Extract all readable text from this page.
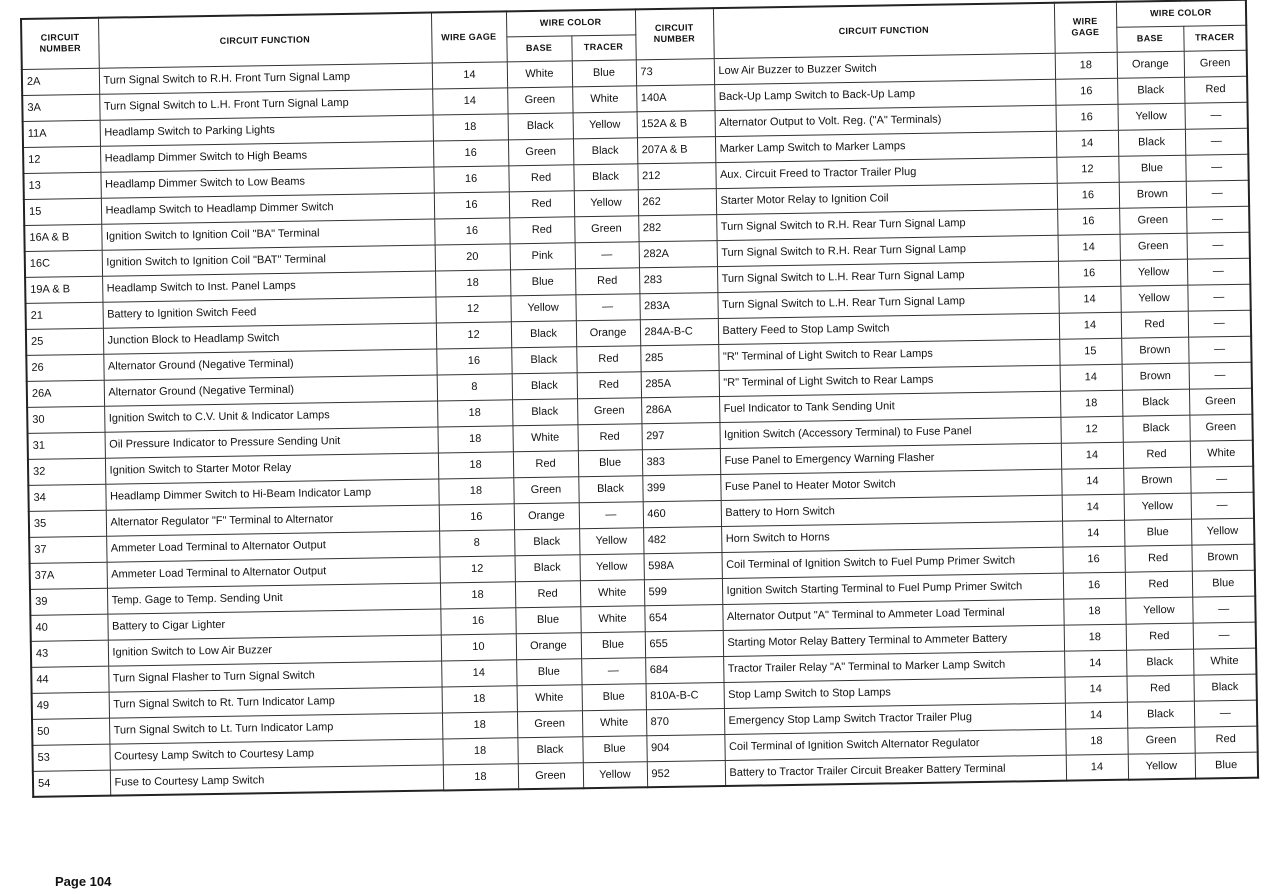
CIRCUIT NUMBER	CIRCUIT FUNCTION	WIRE GAGE	WIRE COLOR		CIRCUIT NUMBER	CIRCUIT FUNCTION	WIRE GAGE	WIRE COLOR	
			BASE	TRACER				BASE	TRACER
2A	Turn Signal Switch to R.H. Front Turn Signal Lamp	14	White	Blue	73	Low Air Buzzer to Buzzer Switch	18	Orange	Green
3A	Turn Signal Switch to L.H. Front Turn Signal Lamp	14	Green	White	140A	Back-Up Lamp Switch to Back-Up Lamp	16	Black	Red
11A	Headlamp Switch to Parking Lights	18	Black	Yellow	152A & B	Alternator Output to Volt. Reg. ("A" Terminals)	16	Yellow	—
12	Headlamp Dimmer Switch to High Beams	16	Green	Black	207A & B	Marker Lamp Switch to Marker Lamps	14	Black	—
13	Headlamp Dimmer Switch to Low Beams	16	Red	Black	212	Aux. Circuit Freed to Tractor Trailer Plug	12	Blue	—
15	Headlamp Switch to Headlamp Dimmer Switch	16	Red	Yellow	262	Starter Motor Relay to Ignition Coil	16	Brown	—
16A & B	Ignition Switch to Ignition Coil "BA" Terminal	16	Red	Green	282	Turn Signal Switch to R.H. Rear Turn Signal Lamp	16	Green	—
16C	Ignition Switch to Ignition Coil "BAT" Terminal	20	Pink	—	282A	Turn Signal Switch to R.H. Rear Turn Signal Lamp	14	Green	—
19A & B	Headlamp Switch to Inst. Panel Lamps	18	Blue	Red	283	Turn Signal Switch to L.H. Rear Turn Signal Lamp	16	Yellow	—
21	Battery to Ignition Switch Feed	12	Yellow	—	283A	Turn Signal Switch to L.H. Rear Turn Signal Lamp	14	Yellow	—
25	Junction Block to Headlamp Switch	12	Black	Orange	284A-B-C	Battery Feed to Stop Lamp Switch	14	Red	—
26	Alternator Ground (Negative Terminal)	16	Black	Red	285	"R" Terminal of Light Switch to Rear Lamps	15	Brown	—
26A	Alternator Ground (Negative Terminal)	8	Black	Red	285A	"R" Terminal of Light Switch to Rear Lamps	14	Brown	—
30	Ignition Switch to C.V. Unit & Indicator Lamps	18	Black	Green	286A	Fuel Indicator to Tank Sending Unit	18	Black	Green
31	Oil Pressure Indicator to Pressure Sending Unit	18	White	Red	297	Ignition Switch (Accessory Terminal) to Fuse Panel	12	Black	Green
32	Ignition Switch to Starter Motor Relay	18	Red	Blue	383	Fuse Panel to Emergency Warning Flasher	14	Red	White
34	Headlamp Dimmer Switch to Hi-Beam Indicator Lamp	18	Green	Black	399	Fuse Panel to Heater Motor Switch	14	Brown	—
35	Alternator Regulator "F" Terminal to Alternator	16	Orange	—	460	Battery to Horn Switch	14	Yellow	—
37	Ammeter Load Terminal to Alternator Output	8	Black	Yellow	482	Horn Switch to Horns	14	Blue	Yellow
37A	Ammeter Load Terminal to Alternator Output	12	Black	Yellow	598A	Coil Terminal of Ignition Switch to Fuel Pump Primer Switch	16	Red	Brown
39	Temp. Gage to Temp. Sending Unit	18	Red	White	599	Ignition Switch Starting Terminal to Fuel Pump Primer Switch	16	Red	Blue
40	Battery to Cigar Lighter	16	Blue	White	654	Alternator Output "A" Terminal to Ammeter Load Terminal	18	Yellow	—
43	Ignition Switch to Low Air Buzzer	10	Orange	Blue	655	Starting Motor Relay Battery Terminal to Ammeter Battery	18	Red	—
44	Turn Signal Flasher to Turn Signal Switch	14	Blue	—	684	Tractor Trailer Relay "A" Terminal to Marker Lamp Switch	14	Black	White
49	Turn Signal Switch to Rt. Turn Indicator Lamp	18	White	Blue	810A-B-C	Stop Lamp Switch to Stop Lamps	14	Red	Black
50	Turn Signal Switch to Lt. Turn Indicator Lamp	18	Green	White	870	Emergency Stop Lamp Switch Tractor Trailer Plug	14	Black	—
53	Courtesy Lamp Switch to Courtesy Lamp	18	Black	Blue	904	Coil Terminal of Ignition Switch Alternator Regulator	18	Green	Red
54	Fuse to Courtesy Lamp Switch	18	Green	Yellow	952	Battery to Tractor Trailer Circuit Breaker Battery Terminal	14	Yellow	Blue
Page 104
